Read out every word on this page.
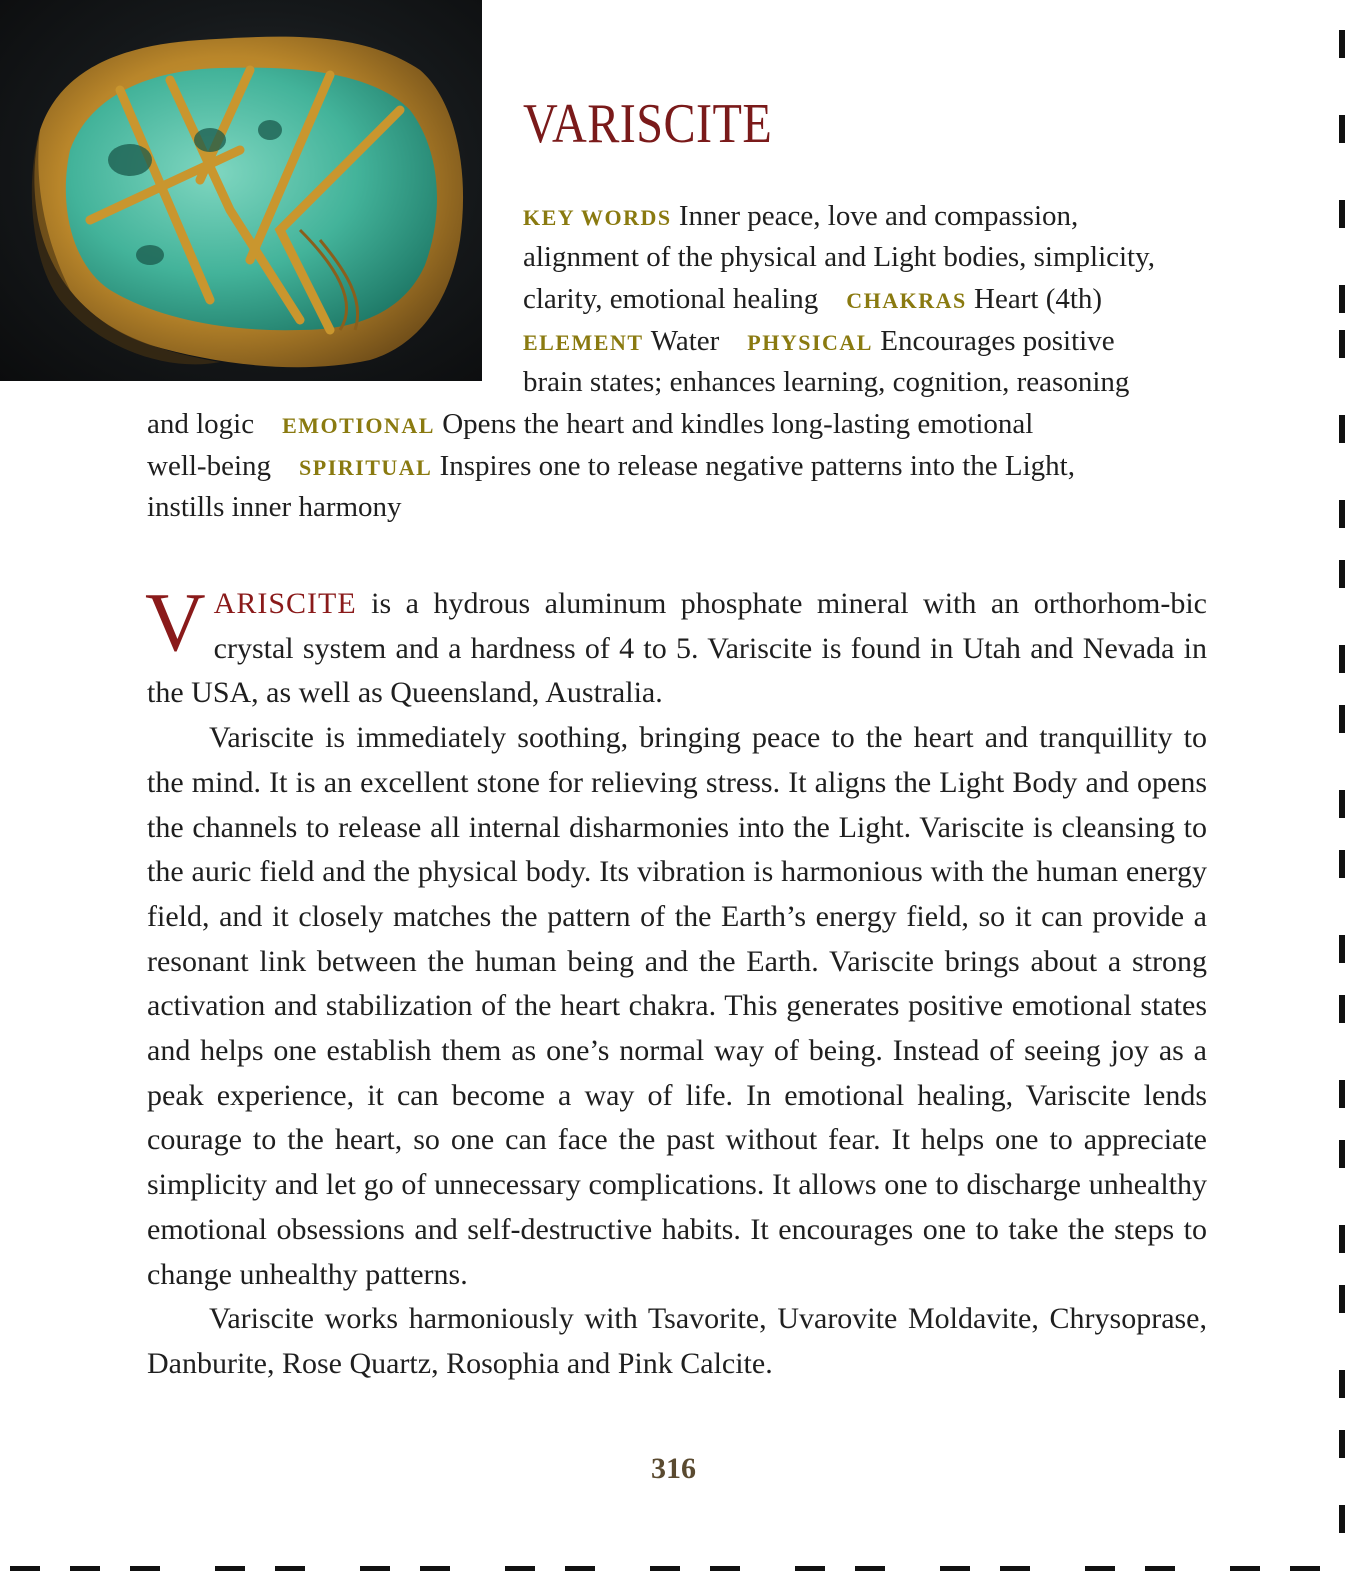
VARISCITE
KEY WORDS Inner peace, love and compassion,
alignment of the physical and Light bodies, simplicity,
clarity, emotional healing CHAKRAS Heart (4th)
ELEMENT Water PHYSICAL Encourages positive
brain states; enhances learning, cognition, reasoning
and logic EMOTIONAL Opens the heart and kindles long-lasting emotional
well-being SPIRITUAL Inspires one to release negative patterns into the Light,
instills inner harmony

VARISCITE is a hydrous aluminum phosphate mineral with an orthorhom-bic crystal system and a hardness of 4 to 5. Variscite is found in Utah and Nevada in the USA, as well as Queensland, Australia.

Variscite is immediately soothing, bringing peace to the heart and tranquillity to the mind. It is an excellent stone for relieving stress. It aligns the Light Body and opens the channels to release all internal disharmonies into the Light. Variscite is cleansing to the auric field and the physical body. Its vibration is harmonious with the human energy field, and it closely matches the pattern of the Earth’s energy field, so it can provide a resonant link between the human being and the Earth. Variscite brings about a strong activation and stabilization of the heart chakra. This generates positive emotional states and helps one establish them as one’s normal way of being. Instead of seeing joy as a peak experience, it can become a way of life. In emotional healing, Variscite lends courage to the heart, so one can face the past without fear. It helps one to appreciate simplicity and let go of unnecessary complications. It allows one to discharge unhealthy emotional obsessions and self-destructive habits. It encourages one to take the steps to change unhealthy patterns.

Variscite works harmoniously with Tsavorite, Uvarovite Moldavite, Chrysoprase, Danburite, Rose Quartz, Rosophia and Pink Calcite.

316
